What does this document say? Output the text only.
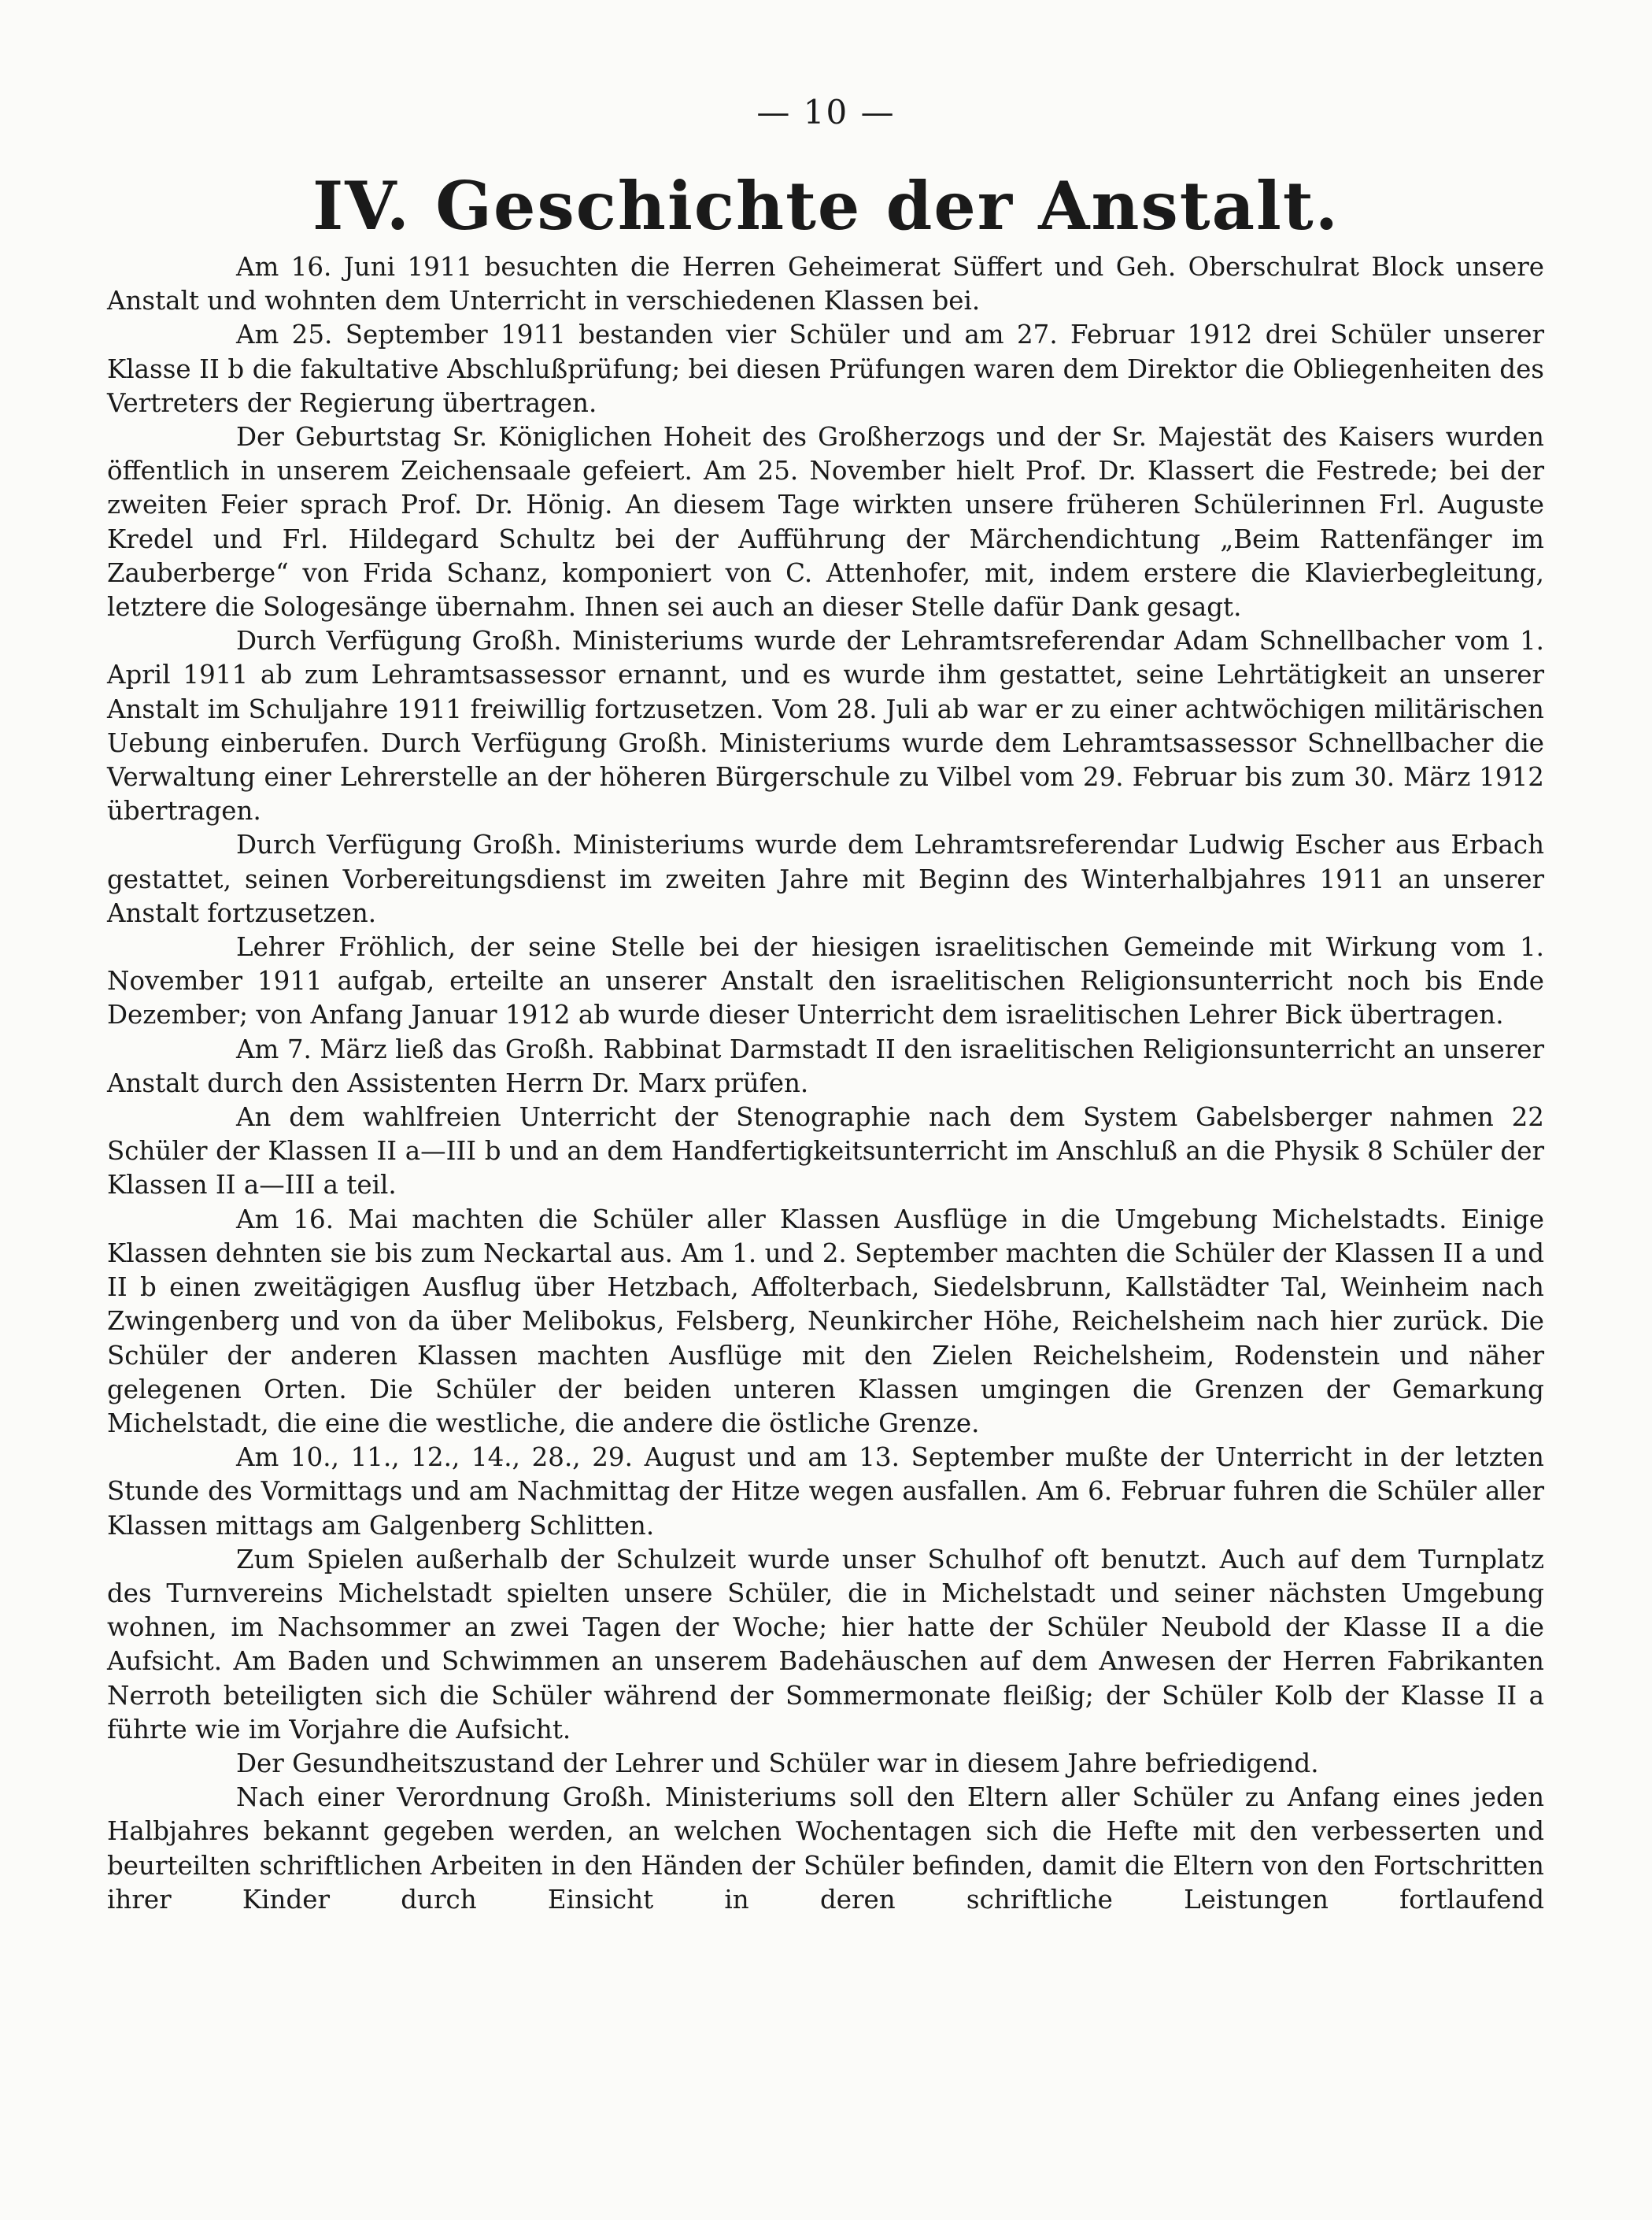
— 10 —
IV. Geschichte der Anstalt.

Am 16. Juni 1911 besuchten die Herren Geheimerat Süffert und Geh. Oberschulrat Block unsere Anstalt und wohnten dem Unterricht in verschiedenen Klassen bei.

Am 25. September 1911 bestanden vier Schüler und am 27. Februar 1912 drei Schüler unserer Klasse II b die fakultative Abschlußprüfung; bei diesen Prüfungen waren dem Direktor die Obliegenheiten des Vertreters der Regierung übertragen.

Der Geburtstag Sr. Königlichen Hoheit des Großherzogs und der Sr. Majestät des Kaisers wurden öffentlich in unserem Zeichensaale gefeiert. Am 25. November hielt Prof. Dr. Klassert die Festrede; bei der zweiten Feier sprach Prof. Dr. Hönig. An diesem Tage wirkten unsere früheren Schülerinnen Frl. Auguste Kredel und Frl. Hildegard Schultz bei der Aufführung der Märchendichtung „Beim Rattenfänger im Zauberberge“ von Frida Schanz, komponiert von C. Attenhofer, mit, indem erstere die Klavierbegleitung, letztere die Sologesänge übernahm. Ihnen sei auch an dieser Stelle dafür Dank gesagt.

Durch Verfügung Großh. Ministeriums wurde der Lehramtsreferendar Adam Schnellbacher vom 1. April 1911 ab zum Lehramtsassessor ernannt, und es wurde ihm gestattet, seine Lehrtätigkeit an unserer Anstalt im Schuljahre 1911 freiwillig fortzusetzen. Vom 28. Juli ab war er zu einer achtwöchigen militärischen Uebung einberufen. Durch Verfügung Großh. Ministeriums wurde dem Lehramtsassessor Schnellbacher die Verwaltung einer Lehrerstelle an der höheren Bürgerschule zu Vilbel vom 29. Februar bis zum 30. März 1912 übertragen.

Durch Verfügung Großh. Ministeriums wurde dem Lehramtsreferendar Ludwig Escher aus Erbach gestattet, seinen Vorbereitungsdienst im zweiten Jahre mit Beginn des Winterhalbjahres 1911 an unserer Anstalt fortzusetzen.

Lehrer Fröhlich, der seine Stelle bei der hiesigen israelitischen Gemeinde mit Wirkung vom 1. November 1911 aufgab, erteilte an unserer Anstalt den israelitischen Religionsunterricht noch bis Ende Dezember; von Anfang Januar 1912 ab wurde dieser Unterricht dem israelitischen Lehrer Bick übertragen.

Am 7. März ließ das Großh. Rabbinat Darmstadt II den israelitischen Religionsunterricht an unserer Anstalt durch den Assistenten Herrn Dr. Marx prüfen.

An dem wahlfreien Unterricht der Stenographie nach dem System Gabelsberger nahmen 22 Schüler der Klassen II a—III b und an dem Handfertigkeitsunterricht im Anschluß an die Physik 8 Schüler der Klassen II a—III a teil.

Am 16. Mai machten die Schüler aller Klassen Ausflüge in die Umgebung Michelstadts. Einige Klassen dehnten sie bis zum Neckartal aus. Am 1. und 2. September machten die Schüler der Klassen II a und II b einen zweitägigen Ausflug über Hetzbach, Affolterbach, Siedelsbrunn, Kallstädter Tal, Weinheim nach Zwingenberg und von da über Melibokus, Felsberg, Neunkircher Höhe, Reichelsheim nach hier zurück. Die Schüler der anderen Klassen machten Ausflüge mit den Zielen Reichelsheim, Rodenstein und näher gelegenen Orten. Die Schüler der beiden unteren Klassen umgingen die Grenzen der Gemarkung Michelstadt, die eine die westliche, die andere die östliche Grenze.

Am 10., 11., 12., 14., 28., 29. August und am 13. September mußte der Unterricht in der letzten Stunde des Vormittags und am Nachmittag der Hitze wegen ausfallen. Am 6. Februar fuhren die Schüler aller Klassen mittags am Galgenberg Schlitten.

Zum Spielen außerhalb der Schulzeit wurde unser Schulhof oft benutzt. Auch auf dem Turnplatz des Turnvereins Michelstadt spielten unsere Schüler, die in Michelstadt und seiner nächsten Umgebung wohnen, im Nachsommer an zwei Tagen der Woche; hier hatte der Schüler Neubold der Klasse II a die Aufsicht. Am Baden und Schwimmen an unserem Badehäuschen auf dem Anwesen der Herren Fabrikanten Nerroth beteiligten sich die Schüler während der Sommermonate fleißig; der Schüler Kolb der Klasse II a führte wie im Vorjahre die Aufsicht.

Der Gesundheitszustand der Lehrer und Schüler war in diesem Jahre befriedigend.

Nach einer Verordnung Großh. Ministeriums soll den Eltern aller Schüler zu Anfang eines jeden Halbjahres bekannt gegeben werden, an welchen Wochentagen sich die Hefte mit den verbesserten und beurteilten schriftlichen Arbeiten in den Händen der Schüler befinden, damit die Eltern von den Fortschritten ihrer Kinder durch Einsicht in deren schriftliche Leistungen fortlaufend
